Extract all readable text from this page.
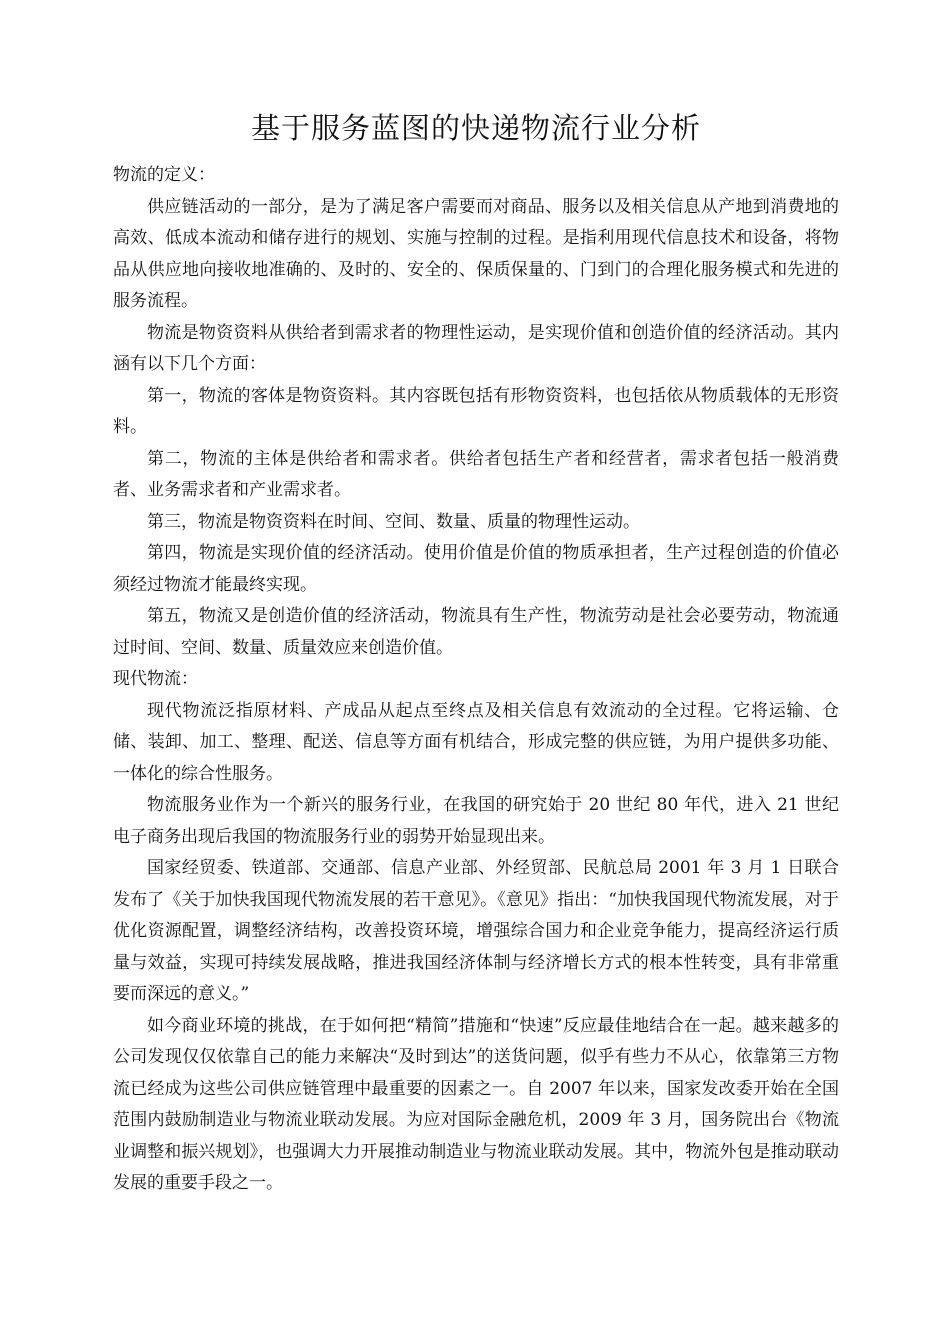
基于服务蓝图的快递物流行业分析

物流的定义：

供应链活动的一部分，是为了满足客户需要而对商品、服务以及相关信息从产地到消费地的高效、低成本流动和储存进行的规划、实施与控制的过程。是指利用现代信息技术和设备，将物品从供应地向接收地准确的、及时的、安全的、保质保量的、门到门的合理化服务模式和先进的服务流程。

物流是物资资料从供给者到需求者的物理性运动，是实现价值和创造价值的经济活动。其内涵有以下几个方面：

第一，物流的客体是物资资料。其内容既包括有形物资资料，也包括依从物质载体的无形资料。

第二，物流的主体是供给者和需求者。供给者包括生产者和经营者，需求者包括一般消费者、业务需求者和产业需求者。

第三，物流是物资资料在时间、空间、数量、质量的物理性运动。

第四，物流是实现价值的经济活动。使用价值是价值的物质承担者，生产过程创造的价值必须经过物流才能最终实现。

第五，物流又是创造价值的经济活动，物流具有生产性，物流劳动是社会必要劳动，物流通过时间、空间、数量、质量效应来创造价值。

现代物流：

现代物流泛指原材料、产成品从起点至终点及相关信息有效流动的全过程。它将运输、仓储、装卸、加工、整理、配送、信息等方面有机结合，形成完整的供应链，为用户提供多功能、一体化的综合性服务。

物流服务业作为一个新兴的服务行业，在我国的研究始于 20 世纪 80 年代，进入 21 世纪电子商务出现后我国的物流服务行业的弱势开始显现出来。

国家经贸委、铁道部、交通部、信息产业部、外经贸部、民航总局 2001 年 3 月 1 日联合发布了《关于加快我国现代物流发展的若干意见》。《意见》指出：“加快我国现代物流发展，对于优化资源配置，调整经济结构，改善投资环境，增强综合国力和企业竞争能力，提高经济运行质量与效益，实现可持续发展战略，推进我国经济体制与经济增长方式的根本性转变，具有非常重要而深远的意义。”

如今商业环境的挑战，在于如何把“精简”措施和“快速”反应最佳地结合在一起。越来越多的公司发现仅仅依靠自己的能力来解决“及时到达”的送货问题，似乎有些力不从心，依靠第三方物流已经成为这些公司供应链管理中最重要的因素之一。自 2007 年以来，国家发改委开始在全国范围内鼓励制造业与物流业联动发展。为应对国际金融危机，2009 年 3 月，国务院出台《物流业调整和振兴规划》，也强调大力开展推动制造业与物流业联动发展。其中，物流外包是推动联动发展的重要手段之一。
